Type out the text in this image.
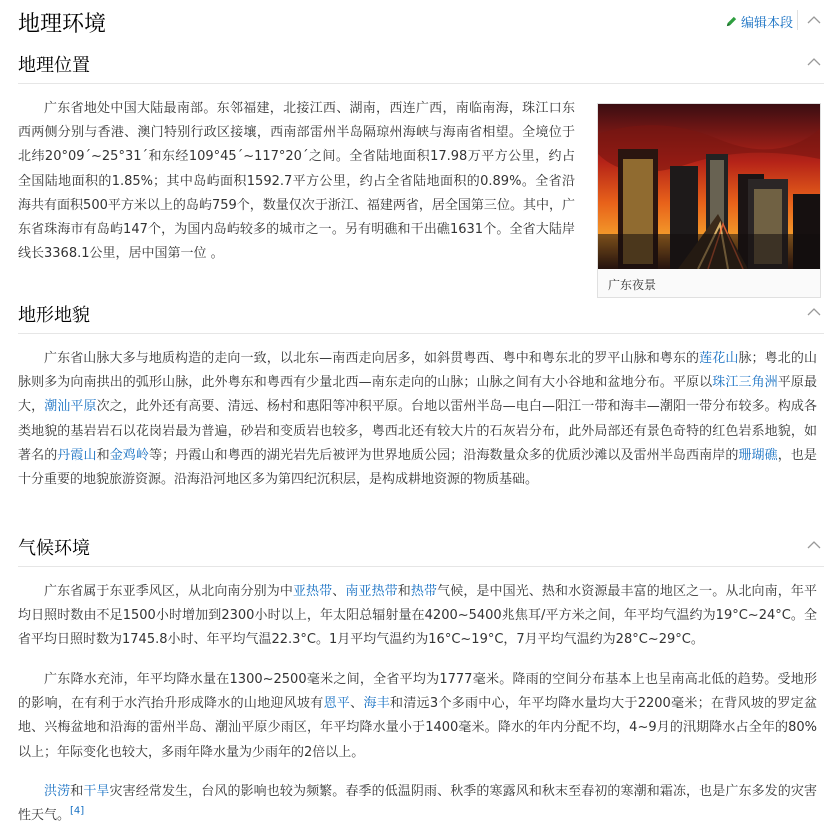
地理环境	编辑本段
地理位置

广东省地处中国大陆最南部。东邻福建，北接江西、湖南，西连广西，南临南海，珠江口东西两侧分别与香港、澳门特别行政区接壤，西南部雷州半岛隔琼州海峡与海南省相望。全境位于北纬20°09´~25°31´和东经109°45´~117°20´之间。全省陆地面积17.98万平方公里，约占全国陆地面积的1.85%；其中岛屿面积1592.7平方公里，约占全省陆地面积的0.89%。全省沿海共有面积500平方米以上的岛屿759个，数量仅次于浙江、福建两省，居全国第三位。其中，广东省珠海市有岛屿147个，为国内岛屿较多的城市之一。另有明礁和干出礁1631个。全省大陆岸线长3368.1公里，居中国第一位 。

广东夜景
地形地貌

广东省山脉大多与地质构造的走向一致，以北东—南西走向居多，如斜贯粤西、粤中和粤东北的罗平山脉和粤东的莲花山脉；粤北的山脉则多为向南拱出的弧形山脉，此外粤东和粤西有少量北西—南东走向的山脉；山脉之间有大小谷地和盆地分布。平原以珠江三角洲平原最大，潮汕平原次之，此外还有高要、清远、杨村和惠阳等冲积平原。台地以雷州半岛—电白—阳江一带和海丰—潮阳一带分布较多。构成各类地貌的基岩岩石以花岗岩最为普遍，砂岩和变质岩也较多，粤西北还有较大片的石灰岩分布，此外局部还有景色奇特的红色岩系地貌，如著名的丹霞山和金鸡岭等；丹霞山和粤西的湖光岩先后被评为世界地质公园；沿海数量众多的优质沙滩以及雷州半岛西南岸的珊瑚礁，也是十分重要的地貌旅游资源。沿海沿河地区多为第四纪沉积层，是构成耕地资源的物质基础。

气候环境

广东省属于东亚季风区，从北向南分别为中亚热带、南亚热带和热带气候，是中国光、热和水资源最丰富的地区之一。从北向南，年平均日照时数由不足1500小时增加到2300小时以上，年太阳总辐射量在4200~5400兆焦耳/平方米之间，年平均气温约为19°C~24°C。全省平均日照时数为1745.8小时、年平均气温22.3°C。1月平均气温约为16°C~19°C，7月平均气温约为28°C~29°C。

广东降水充沛，年平均降水量在1300~2500毫米之间，全省平均为1777毫米。降雨的空间分布基本上也呈南高北低的趋势。受地形的影响，在有利于水汽抬升形成降水的山地迎风坡有恩平、海丰和清远3个多雨中心，年平均降水量均大于2200毫米；在背风坡的罗定盆地、兴梅盆地和沿海的雷州半岛、潮汕平原少雨区，年平均降水量小于1400毫米。降水的年内分配不均，4~9月的汛期降水占全年的80%以上；年际变化也较大，多雨年降水量为少雨年的2倍以上。

洪涝和干旱灾害经常发生，台风的影响也较为频繁。春季的低温阴雨、秋季的寒露风和秋末至春初的寒潮和霜冻，也是广东多发的灾害性天气。[4]
